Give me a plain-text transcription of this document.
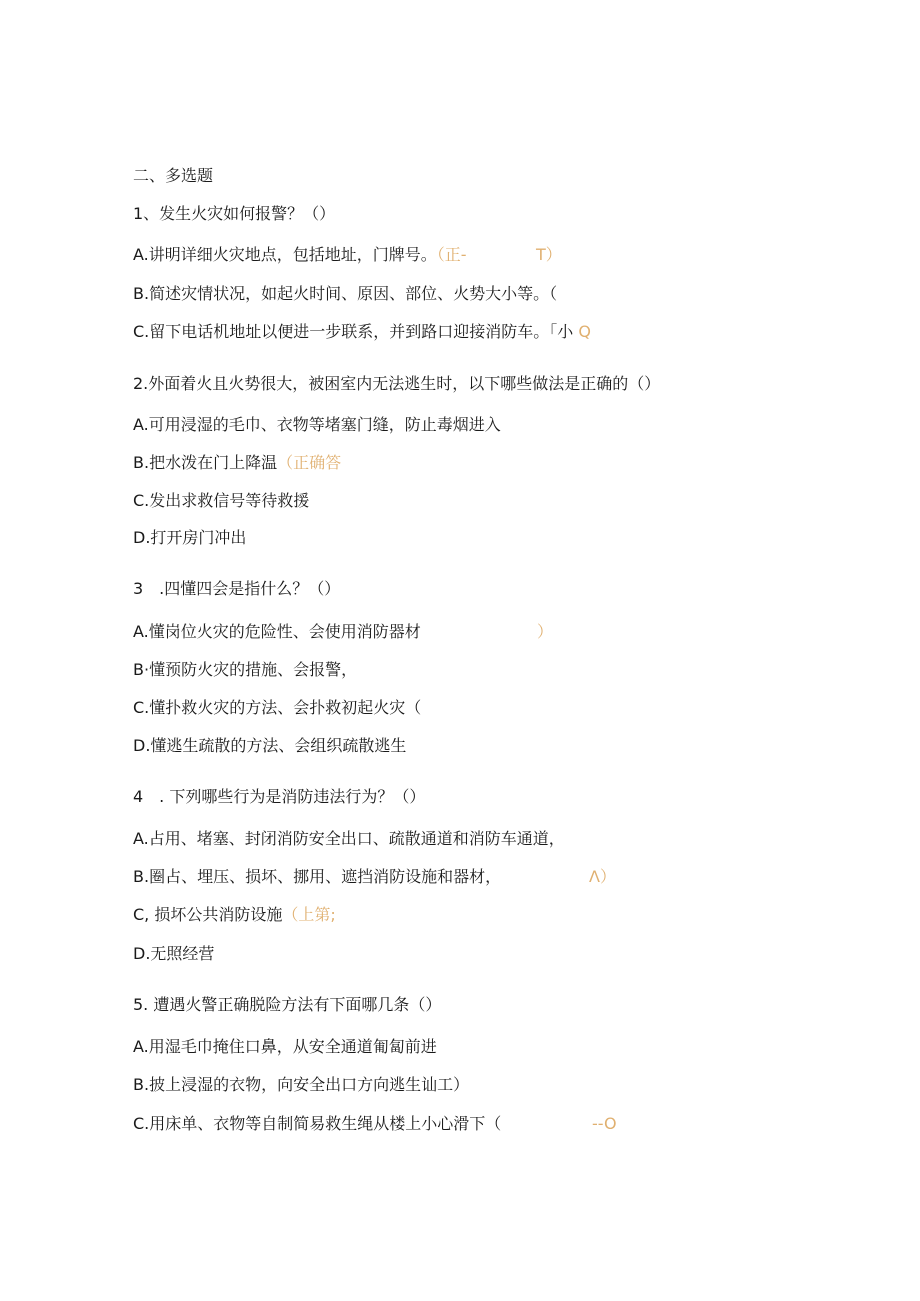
二、多选题
1、发生火灾如何报警？（）
A.讲明详细火灾地点，包括地址，门牌号。（正-	T）
B.简述灾情状况，如起火时间、原因、部位、火势大小等。（
C.留下电话机地址以便进一步联系，并到路口迎接消防车。「小 Q
2.外面着火且火势很大，被困室内无法逃生时，以下哪些做法是正确的（）
A.可用浸湿的毛巾、衣物等堵塞门缝，防止毒烟进入
B.把水泼在门上降温（正确答
C.发出求救信号等待救援
D.打开房门冲出
3　.四懂四会是指什么？（）
A.懂岗位火灾的危险性、会使用消防器材	）
B·懂预防火灾的措施、会报警，
C.懂扑救火灾的方法、会扑救初起火灾（
D.懂逃生疏散的方法、会组织疏散逃生
4　. 下列哪些行为是消防违法行为？（）
A.占用、堵塞、封闭消防安全出口、疏散通道和消防车通道，
B.圈占、埋压、损坏、挪用、遮挡消防设施和器材，	Λ）
C, 损坏公共消防设施（上第;
D.无照经营
5. 遭遇火警正确脱险方法有下面哪几条（）
A.用湿毛巾掩住口鼻，从安全通道匍匐前进
B.披上浸湿的衣物，向安全出口方向逃生讪工）
C.用床单、衣物等自制简易救生绳从楼上小心滑下（	--O
